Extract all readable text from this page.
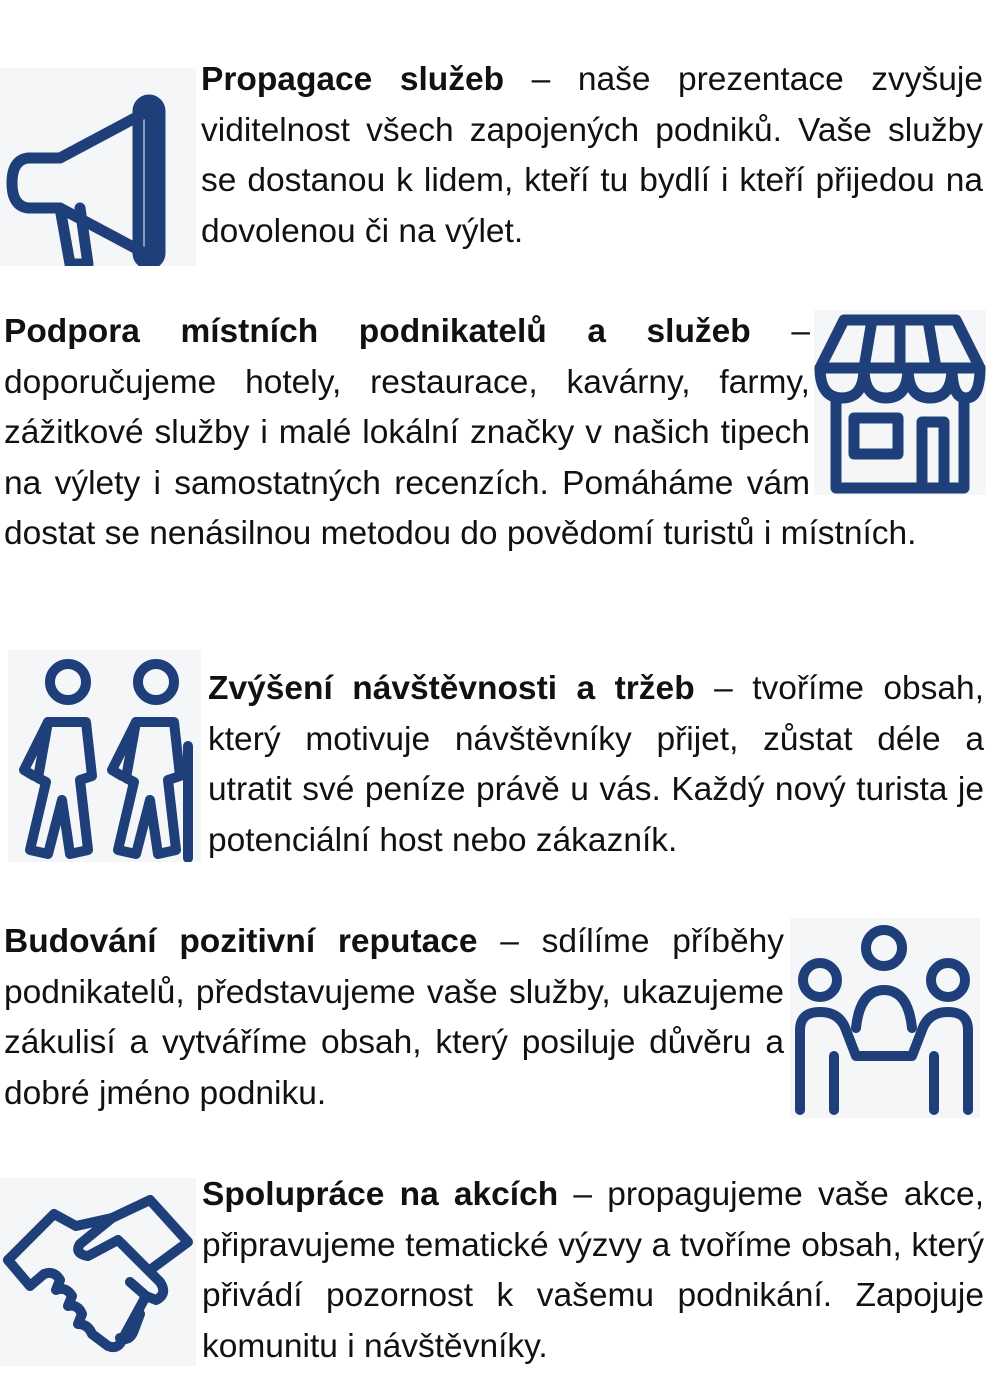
Propagace služeb – naše prezentace zvyšuje viditelnost všech zapojených podniků. Vaše služby se dostanou k lidem, kteří tu bydlí i kteří přijedou na dovolenou či na výlet.

Podpora místních podnikatelů a služeb – doporučujeme hotely, restaurace, kavárny, farmy, zážitkové služby i malé lokální značky v našich tipech na výlety i samostatných recenzích. Pomáháme vám dostat se nenásilnou metodou do povědomí turistů i místních.

Zvýšení návštěvnosti a tržeb – tvoříme obsah, který motivuje návštěvníky přijet, zůstat déle a utratit své peníze právě u vás. Každý nový turista je potenciální host nebo zákazník.

Budování pozitivní reputace – sdílíme příběhy podnikatelů, představujeme vaše služby, ukazujeme zákulisí a vytváříme obsah, který posiluje důvěru a dobré jméno podniku.

Spolupráce na akcích – propagujeme vaše akce, připravujeme tematické výzvy a tvoříme obsah, který přivádí pozornost k vašemu podnikání. Zapojuje komunitu i návštěvníky.
